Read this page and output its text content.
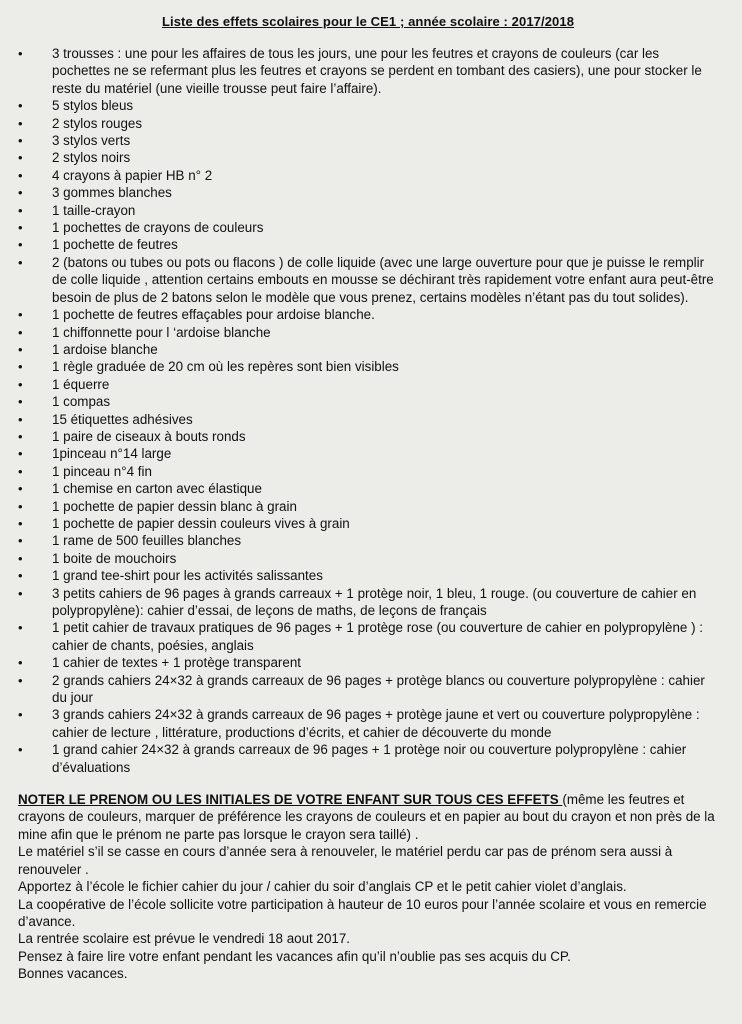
Liste des effets scolaires pour le CE1 ; année scolaire : 2017/2018
• 3 trousses : une pour les affaires de tous les jours, une pour les feutres et crayons de couleurs (car les pochettes ne se refermant plus les feutres et crayons se perdent en tombant des casiers), une pour stocker le reste du matériel (une vieille trousse peut faire l’affaire).
• 5 stylos bleus
• 2 stylos rouges
• 3 stylos verts
• 2 stylos noirs
• 4 crayons à papier HB n° 2
• 3 gommes blanches
• 1 taille-crayon
• 1 pochettes de crayons de couleurs
• 1 pochette de feutres
• 2 (batons ou tubes ou pots ou flacons ) de colle liquide (avec une large ouverture pour que je puisse le remplir de colle liquide , attention certains embouts en mousse se déchirant très rapidement votre enfant aura peut-être besoin de plus de 2 batons selon le modèle que vous prenez, certains modèles n’étant pas du tout solides).
• 1 pochette de feutres effaçables pour ardoise blanche.
• 1 chiffonnette pour l ‘ardoise blanche
• 1 ardoise blanche
• 1 règle graduée de 20 cm où les repères sont bien visibles
• 1 équerre
• 1 compas
• 15 étiquettes adhésives
• 1 paire de ciseaux à bouts ronds
• 1pinceau n°14 large
• 1 pinceau n°4 fin
• 1 chemise en carton avec élastique
• 1 pochette de papier dessin blanc à grain
• 1 pochette de papier dessin couleurs vives à grain
• 1 rame de 500 feuilles blanches
• 1 boite de mouchoirs
• 1 grand tee-shirt pour les activités salissantes
• 3 petits cahiers de 96 pages à grands carreaux + 1 protège noir, 1 bleu, 1 rouge. (ou couverture de cahier en polypropylène): cahier d’essai, de leçons de maths, de leçons de français
• 1 petit cahier de travaux pratiques de 96 pages + 1 protège rose (ou couverture de cahier en polypropylène ) : cahier de chants, poésies, anglais
• 1 cahier de textes + 1 protège transparent
• 2 grands cahiers 24×32 à grands carreaux de 96 pages + protège blancs ou couverture polypropylène : cahier du jour
• 3 grands cahiers 24×32 à grands carreaux de 96 pages + protège jaune et vert ou couverture polypropylène : cahier de lecture , littérature, productions d’écrits, et cahier de découverte du monde
• 1 grand cahier 24×32 à grands carreaux de 96 pages + 1 protège noir ou couverture polypropylène : cahier d’évaluations

NOTER LE PRENOM OU LES INITIALES DE VOTRE ENFANT SUR TOUS CES EFFETS (même les feutres et crayons de couleurs, marquer de préférence les crayons de couleurs et en papier au bout du crayon et non près de la mine afin que le prénom ne parte pas lorsque le crayon sera taillé) .

Le matériel s’il se casse en cours d’année sera à renouveler, le matériel perdu car pas de prénom sera aussi à renouveler .

Apportez à l’école le fichier cahier du jour / cahier du soir d’anglais CP et le petit cahier violet d’anglais.

La coopérative de l’école sollicite votre participation à hauteur de 10 euros pour l’année scolaire et vous en remercie d’avance.

La rentrée scolaire est prévue le vendredi 18 aout 2017.

Pensez à faire lire votre enfant pendant les vacances afin qu’il n’oublie pas ses acquis du CP.

Bonnes vacances.
